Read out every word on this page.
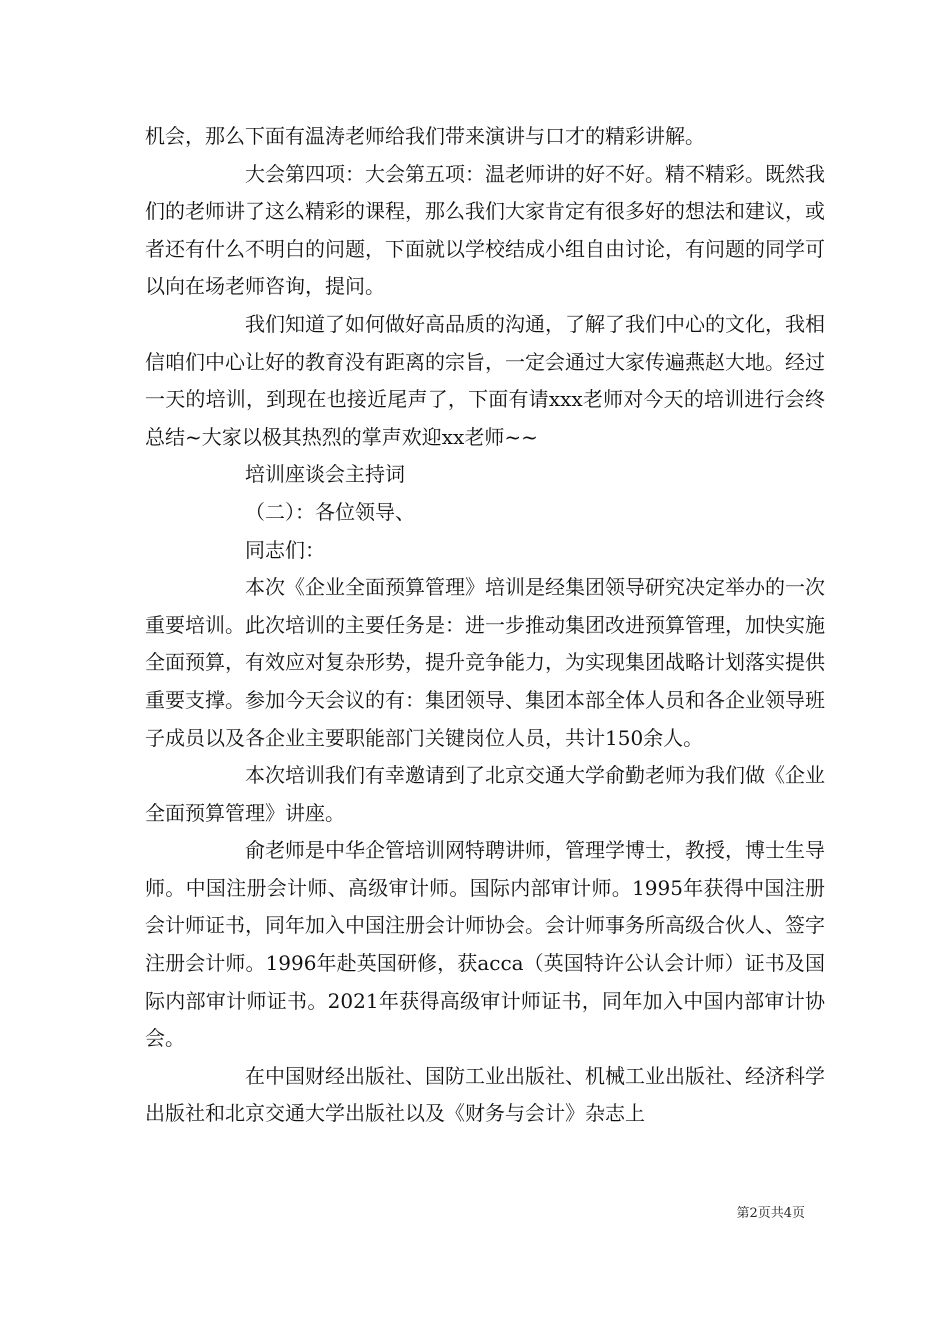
机会，那么下面有温涛老师给我们带来演讲与口才的精彩讲解。

大会第四项：大会第五项：温老师讲的好不好。精不精彩。既然我们的老师讲了这么精彩的课程，那么我们大家肯定有很多好的想法和建议，或者还有什么不明白的问题，下面就以学校结成小组自由讨论，有问题的同学可以向在场老师咨询，提问。

我们知道了如何做好高品质的沟通，了解了我们中心的文化，我相信咱们中心让好的教育没有距离的宗旨，一定会通过大家传遍燕赵大地。经过一天的培训，到现在也接近尾声了，下面有请xxx老师对今天的培训进行会终总结~大家以极其热烈的掌声欢迎xx老师~~

培训座谈会主持词

（二）：各位领导、

同志们：

本次《企业全面预算管理》培训是经集团领导研究决定举办的一次重要培训。此次培训的主要任务是：进一步推动集团改进预算管理，加快实施全面预算，有效应对复杂形势，提升竞争能力，为实现集团战略计划落实提供重要支撑。参加今天会议的有：集团领导、集团本部全体人员和各企业领导班子成员以及各企业主要职能部门关键岗位人员，共计150余人。

本次培训我们有幸邀请到了北京交通大学俞勤老师为我们做《企业全面预算管理》讲座。

俞老师是中华企管培训网特聘讲师，管理学博士，教授，博士生导师。中国注册会计师、高级审计师。国际内部审计师。1995年获得中国注册会计师证书，同年加入中国注册会计师协会。会计师事务所高级合伙人、签字注册会计师。1996年赴英国研修，获acca（英国特许公认会计师）证书及国际内部审计师证书。2021年获得高级审计师证书，同年加入中国内部审计协会。

在中国财经出版社、国防工业出版社、机械工业出版社、经济科学出版社和北京交通大学出版社以及《财务与会计》杂志上

第2页共4页
